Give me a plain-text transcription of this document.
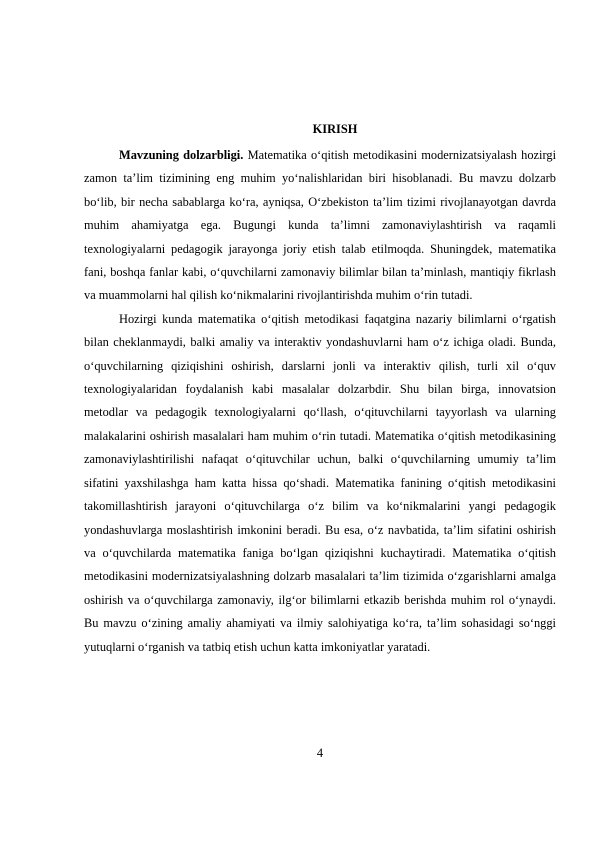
KIRISH

Mavzuning dolzarbligi. Matematika o‘qitish metodikasini modernizatsiyalash hozirgi zamon ta’lim tizimining eng muhim yo‘nalishlaridan biri hisoblanadi. Bu mavzu dolzarb bo‘lib, bir necha sabablarga ko‘ra, ayniqsa, O‘zbekiston ta’lim tizimi rivojlanayotgan davrda muhim ahamiyatga ega. Bugungi kunda ta’limni zamonaviylashtirish va raqamli texnologiyalarni pedagogik jarayonga joriy etish talab etilmoqda. Shuningdek, matematika fani, boshqa fanlar kabi, o‘quvchilarni zamonaviy bilimlar bilan ta’minlash, mantiqiy fikrlash va muammolarni hal qilish ko‘nikmalarini rivojlantirishda muhim o‘rin tutadi.

Hozirgi kunda matematika o‘qitish metodikasi faqatgina nazariy bilimlarni o‘rgatish bilan cheklanmaydi, balki amaliy va interaktiv yondashuvlarni ham o‘z ichiga oladi. Bunda, o‘quvchilarning qiziqishini oshirish, darslarni jonli va interaktiv qilish, turli xil o‘quv texnologiyalaridan foydalanish kabi masalalar dolzarbdir. Shu bilan birga, innovatsion metodlar va pedagogik texnologiyalarni qo‘llash, o‘qituvchilarni tayyorlash va ularning malakalarini oshirish masalalari ham muhim o‘rin tutadi. Matematika o‘qitish metodikasining zamonaviylashtirilishi nafaqat o‘qituvchilar uchun, balki o‘quvchilarning umumiy ta’lim sifatini yaxshilashga ham katta hissa qo‘shadi. Matematika fanining o‘qitish metodikasini takomillashtirish jarayoni o‘qituvchilarga o‘z bilim va ko‘nikmalarini yangi pedagogik yondashuvlarga moslashtirish imkonini beradi. Bu esa, o‘z navbatida, ta’lim sifatini oshirish va o‘quvchilarda matematika faniga bo‘lgan qiziqishni kuchaytiradi. Matematika o‘qitish metodikasini modernizatsiyalashning dolzarb masalalari ta’lim tizimida o‘zgarishlarni amalga oshirish va o‘quvchilarga zamonaviy, ilg‘or bilimlarni etkazib berishda muhim rol o‘ynaydi. Bu mavzu o‘zining amaliy ahamiyati va ilmiy salohiyatiga ko‘ra, ta’lim sohasidagi so‘nggi yutuqlarni o‘rganish va tatbiq etish uchun katta imkoniyatlar yaratadi.

4
